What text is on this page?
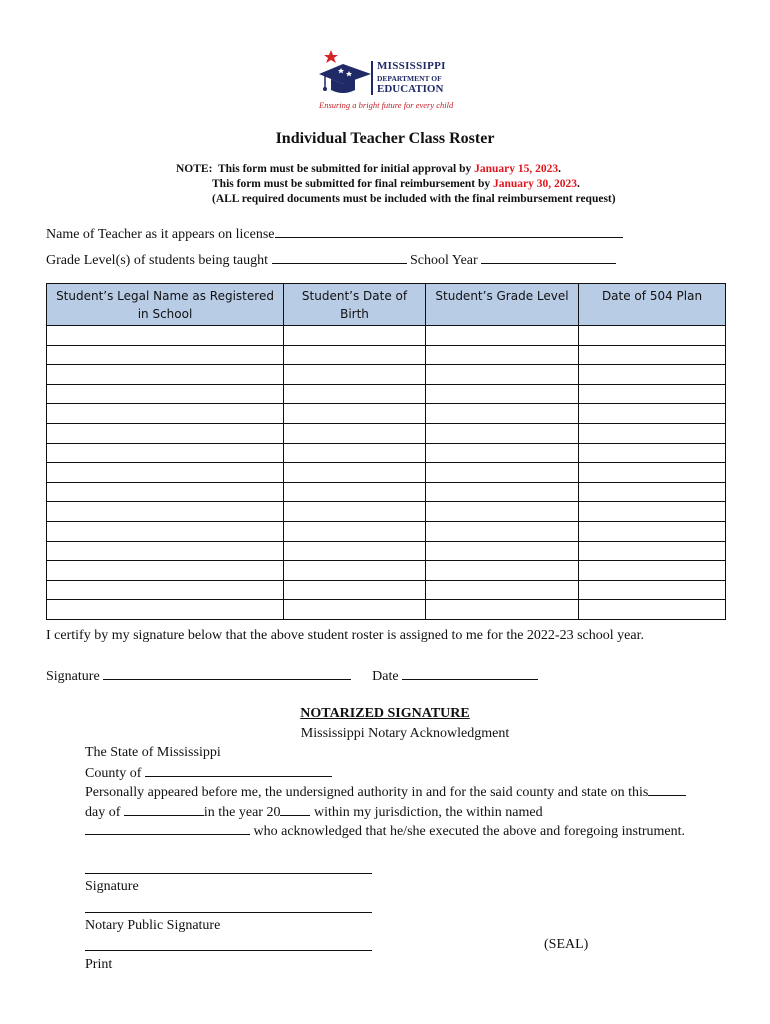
MISSISSIPPI
DEPARTMENT OF
EDUCATION
Ensuring a bright future for every child
Individual Teacher Class Roster
NOTE: This form must be submitted for initial approval by January 15, 2023.
This form must be submitted for final reimbursement by January 30, 2023.
(ALL required documents must be included with the final reimbursement request)
Name of Teacher as it appears on license
Grade Level(s) of students being taught	School Year
Student’s Legal Name as Registered in School	Student’s Date of Birth	Student’s Grade Level	Date of 504 Plan

I certify by my signature below that the above student roster is assigned to me for the 2022-23 school year.
Signature	Date
NOTARIZED SIGNATURE
Mississippi Notary Acknowledgment
The State of Mississippi
County of
Personally appeared before me, the undersigned authority in and for the said county and state on this
day of	in the year 20 within my jurisdiction, the within named
who acknowledged that he/she executed the above and foregoing instrument.
Signature
Notary Public Signature
Print
(SEAL)
